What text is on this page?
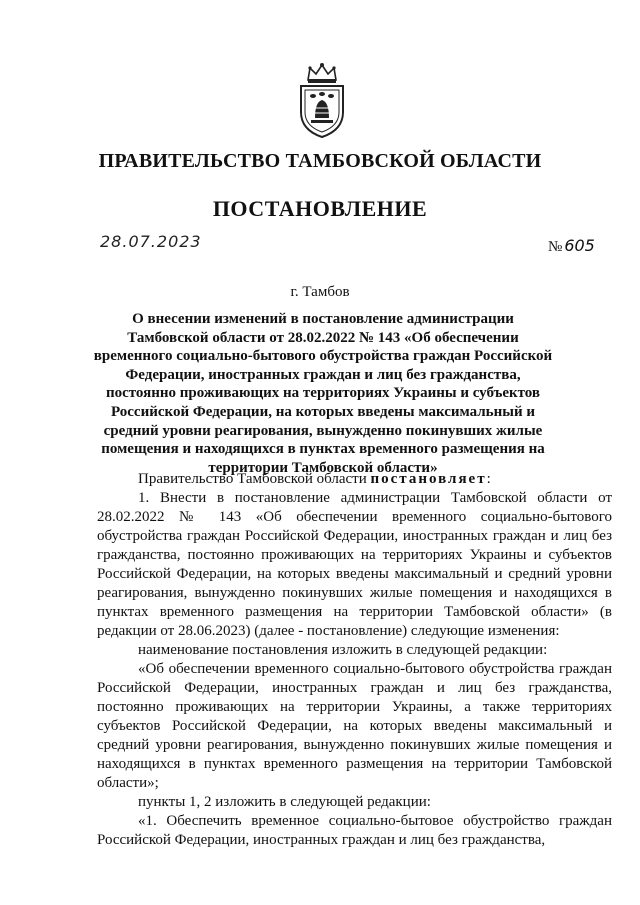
ПРАВИТЕЛЬСТВО ТАМБОВСКОЙ ОБЛАСТИ
ПОСТАНОВЛЕНИЕ
28.07.2023	№ 605
г. Тамбов
О внесении изменений в постановление администрации Тамбовской области от 28.02.2022 № 143 «Об обеспечении временного социально-бытового обустройства граждан Российской Федерации, иностранных граждан и лиц без гражданства, постоянно проживающих на территориях Украины и субъектов Российской Федерации, на которых введены максимальный и средний уровни реагирования, вынужденно покинувших жилые помещения и находящихся в пунктах временного размещения на территории Тамбовской области»

Правительство Тамбовской области постановляет:

1. Внести в постановление администрации Тамбовской области от 28.02.2022 № 143 «Об обеспечении временного социально-бытового обустройства граждан Российской Федерации, иностранных граждан и лиц без гражданства, постоянно проживающих на территориях Украины и субъектов Российской Федерации, на которых введены максимальный и средний уровни реагирования, вынужденно покинувших жилые помещения и находящихся в пунктах временного размещения на территории Тамбовской области» (в редакции от 28.06.2023) (далее - постановление) следующие изменения:

наименование постановления изложить в следующей редакции:

«Об обеспечении временного социально-бытового обустройства граждан Российской Федерации, иностранных граждан и лиц без гражданства, постоянно проживающих на территории Украины, а также территориях субъектов Российской Федерации, на которых введены максимальный и средний уровни реагирования, вынужденно покинувших жилые помещения и находящихся в пунктах временного размещения на территории Тамбовской области»;

пункты 1, 2 изложить в следующей редакции:

«1. Обеспечить временное социально-бытовое обустройство граждан Российской Федерации, иностранных граждан и лиц без гражданства,
